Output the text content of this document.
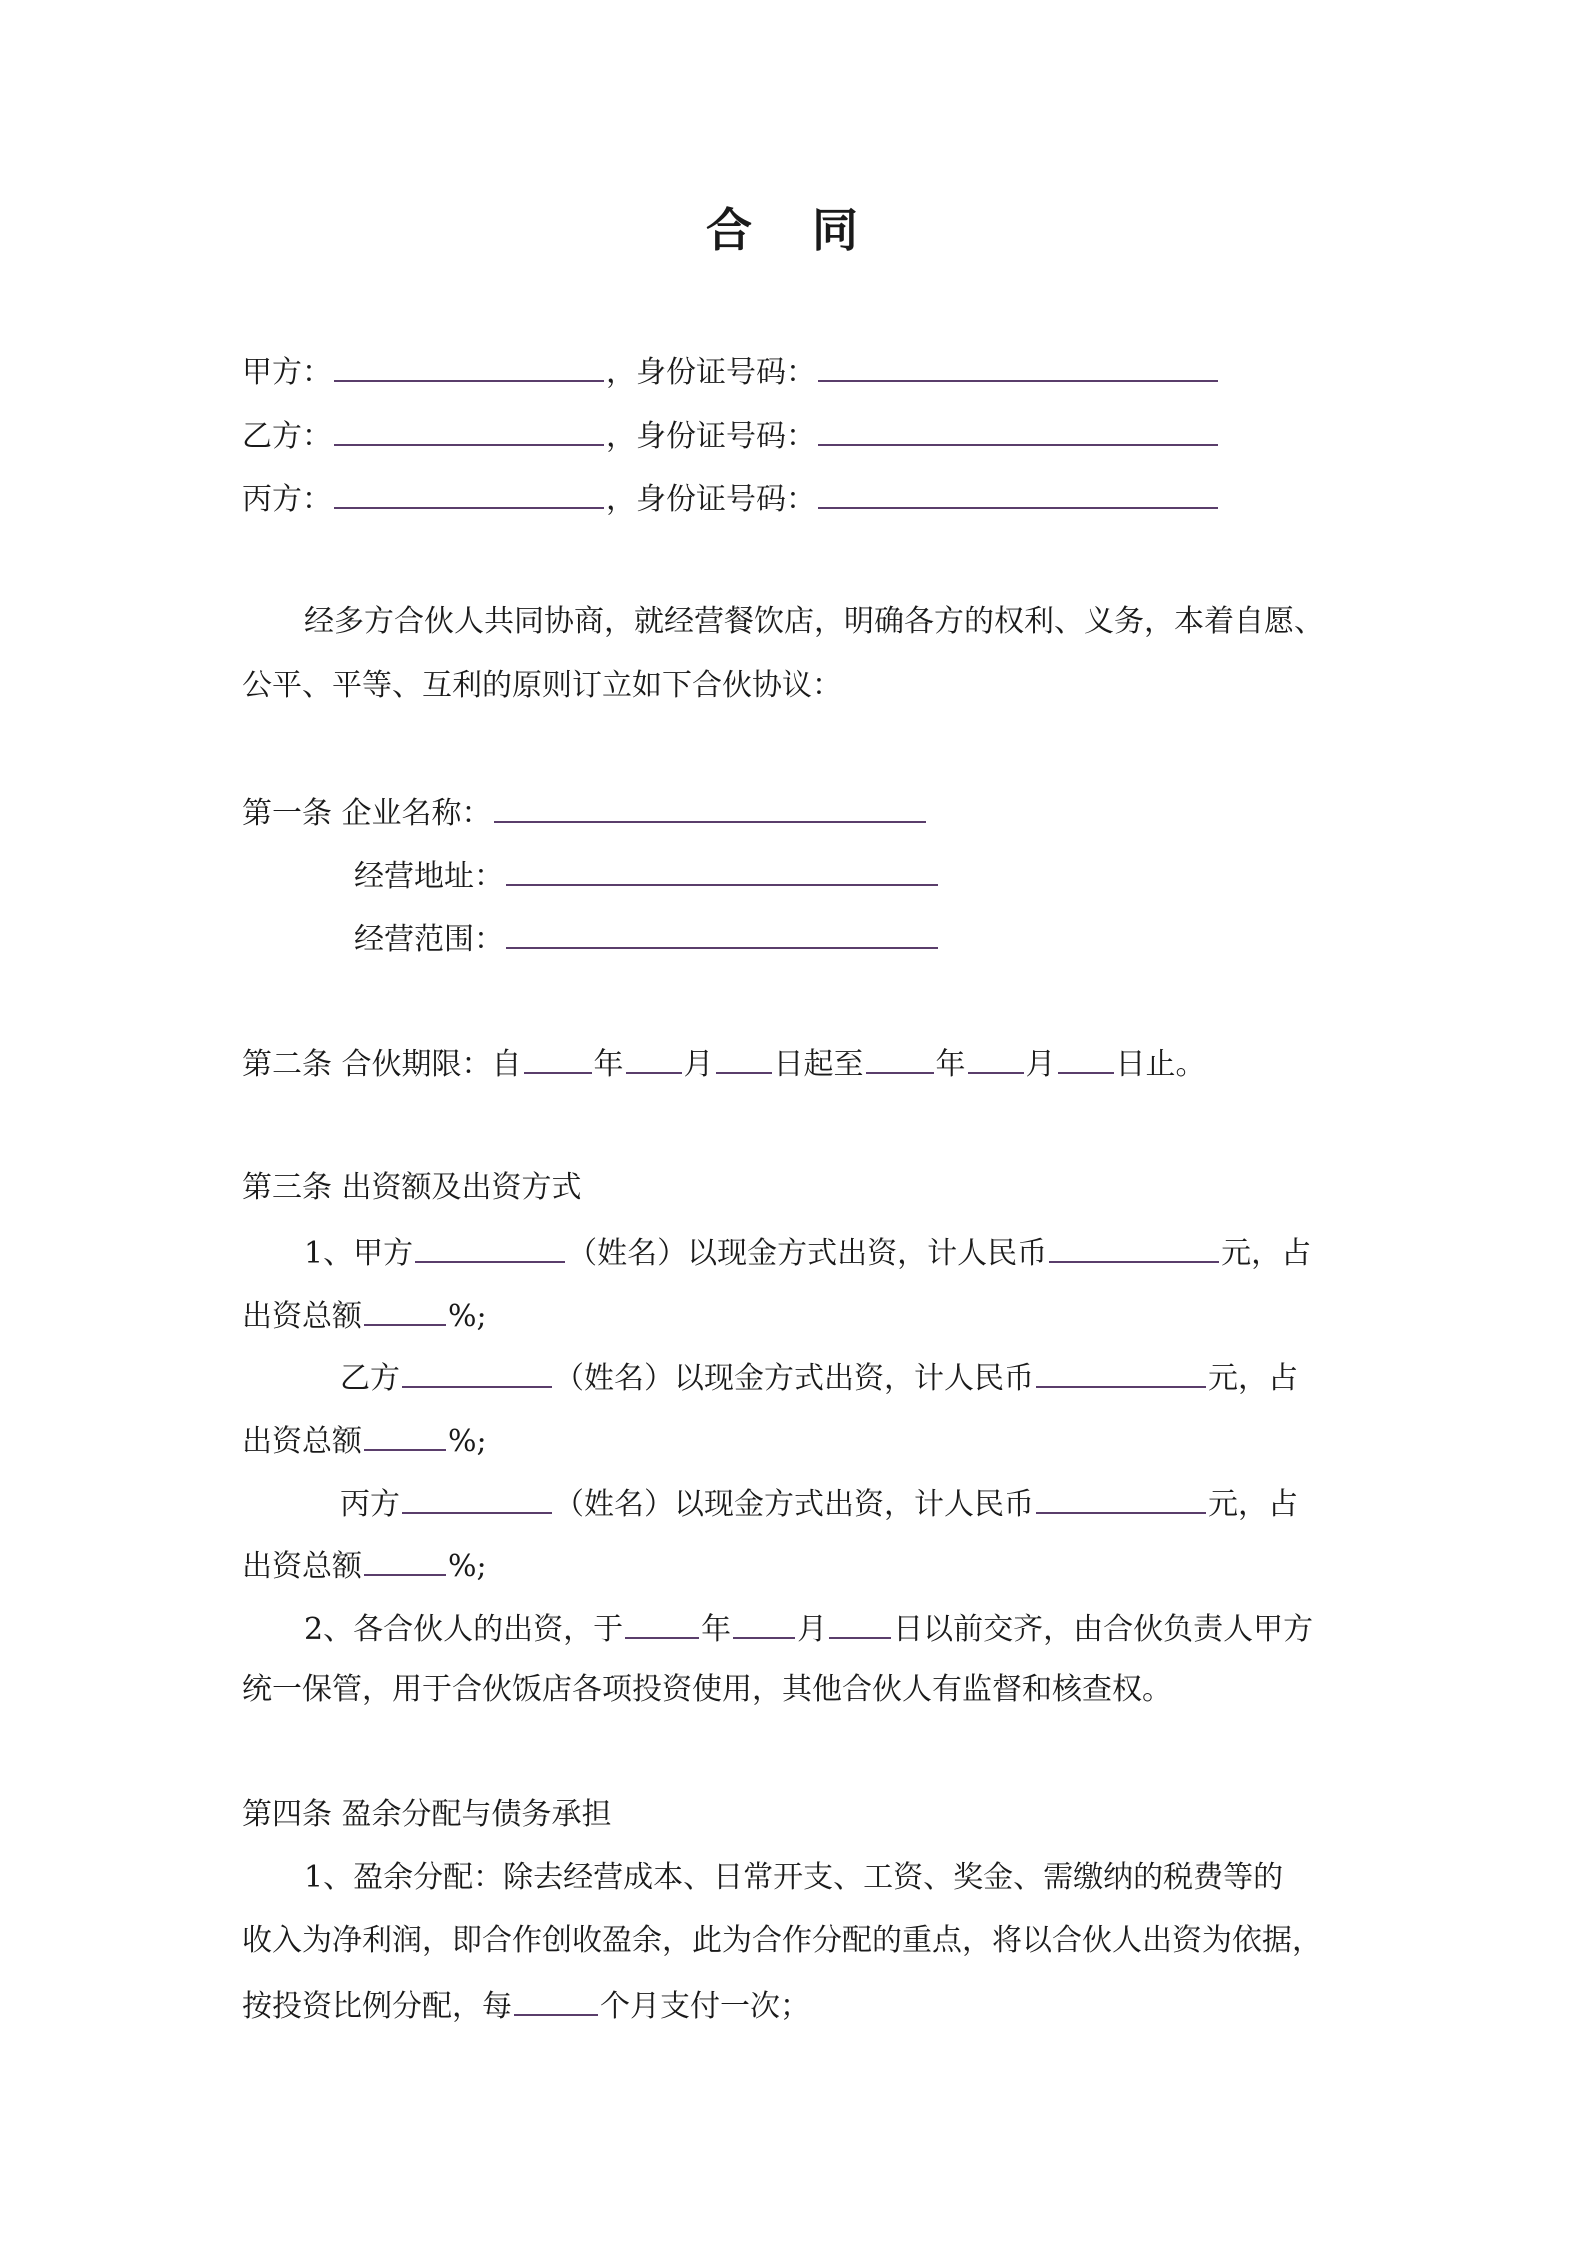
合 同
甲方：	，身份证号码：
乙方：	，身份证号码：
丙方：	，身份证号码：
经多方合伙人共同协商，就经营餐饮店，明确各方的权利、义务，本着自愿、
公平、平等、互利的原则订立如下合伙协议：
第一条 企业名称：
经营地址：
经营范围：
第二条 合伙期限：自 年 月 日起至 年 月 日止。
第三条 出资额及出资方式
1、甲方	（姓名）以现金方式出资，计人民币	元，占
出资总额	%;
乙方	（姓名）以现金方式出资，计人民币	元，占
出资总额	%;
丙方	（姓名）以现金方式出资，计人民币	元，占
出资总额	%;
2、各合伙人的出资，于	年 月 日以前交齐，由合伙负责人甲方
统一保管，用于合伙饭店各项投资使用，其他合伙人有监督和核查权。
第四条 盈余分配与债务承担
1、盈余分配：除去经营成本、日常开支、工资、奖金、需缴纳的税费等的
收入为净利润，即合作创收盈余，此为合作分配的重点，将以合伙人出资为依据，
按投资比例分配，每	个月支付一次；
